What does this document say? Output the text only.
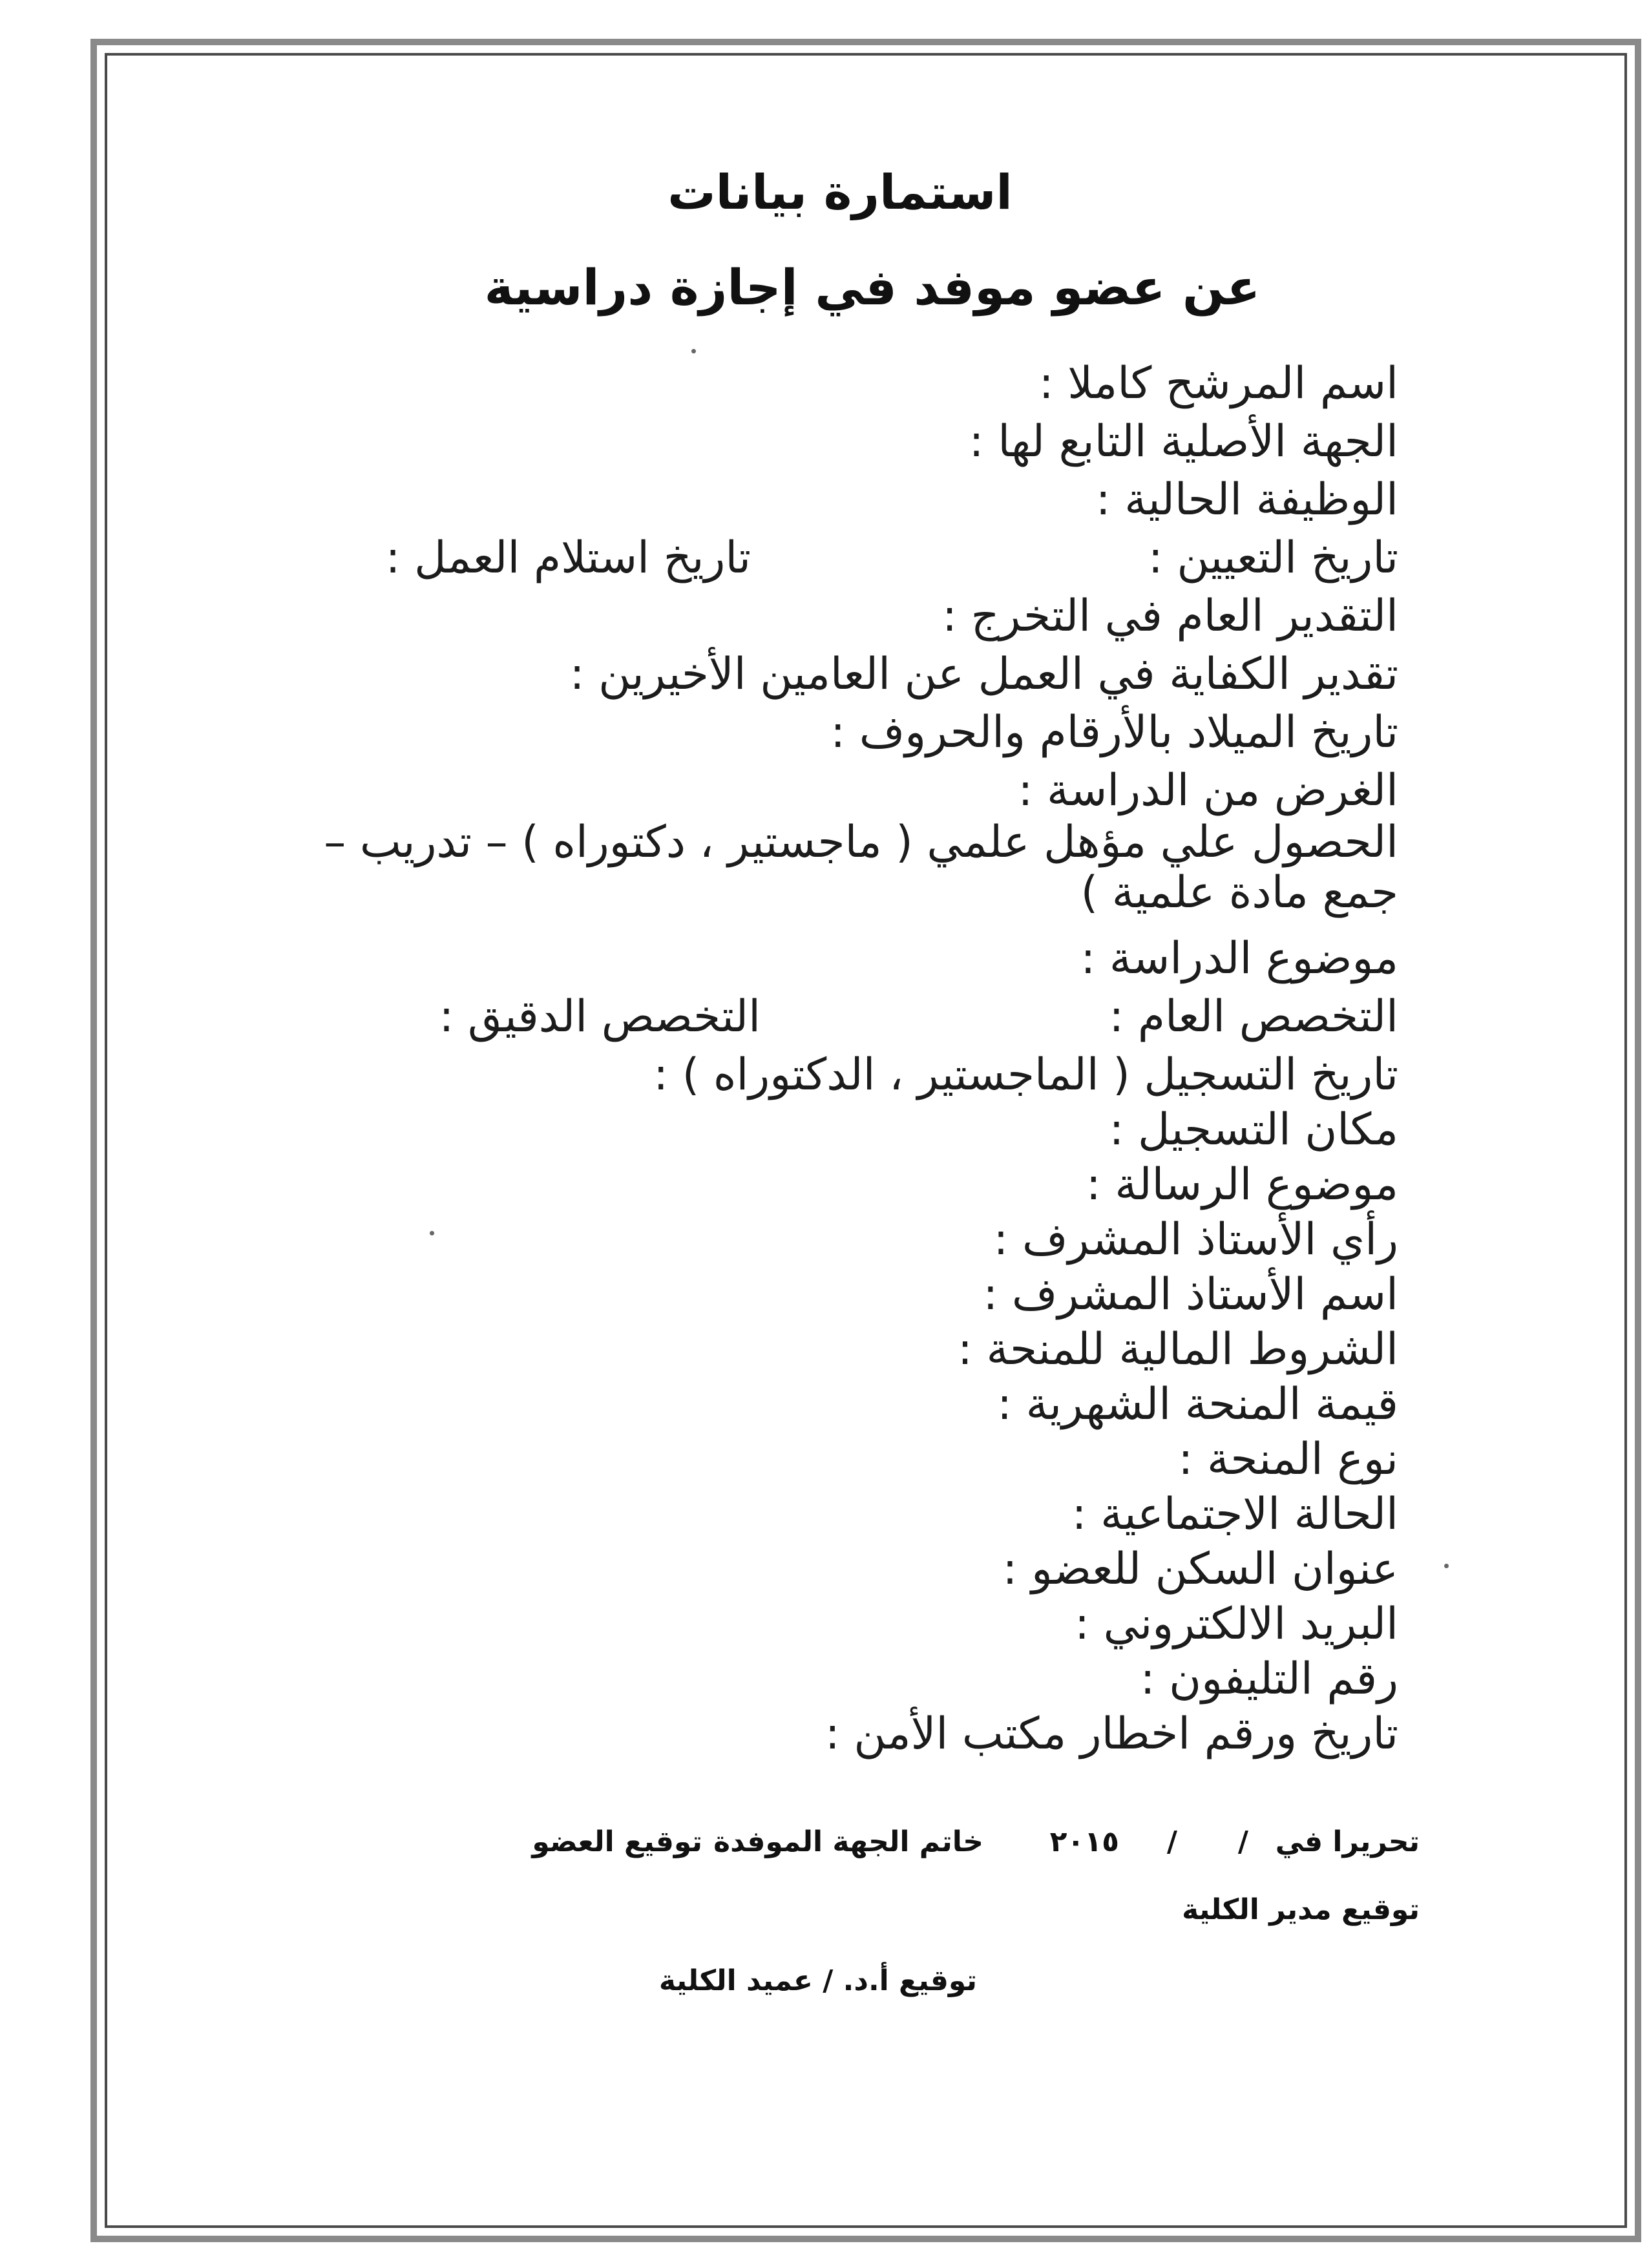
استمارة بيانات
عن عضو موفد في إجازة دراسية
اسم المرشح كاملا :
الجهة الأصلية التابع لها :
الوظيفة الحالية :
تاريخ التعيين :
تاريخ استلام العمل :
التقدير العام في التخرج :
تقدير الكفاية في العمل عن العامين الأخيرين :
تاريخ الميلاد بالأرقام والحروف :
الغرض من الدراسة :
الحصول علي مؤهل علمي ( ماجستير ، دكتوراه ) – تدريب – جمع مادة علمية )
موضوع الدراسة :
التخصص العام :
التخصص الدقيق :
تاريخ التسجيل ( الماجستير ، الدكتوراه ) :
مكان التسجيل :
موضوع الرسالة :
رأي الأستاذ المشرف :
اسم الأستاذ المشرف :
الشروط المالية للمنحة :
قيمة المنحة الشهرية :
نوع المنحة :
الحالة الاجتماعية :
عنوان السكن للعضو :
البريد الالكتروني :
رقم التليفون :
تاريخ ورقم اخطار مكتب الأمن :
تحريرا في
/
/
٢٠١٥
خاتم الجهة الموفدة
توقيع العضو
توقيع مدير الكلية
توقيع أ.د. / عميد الكلية
